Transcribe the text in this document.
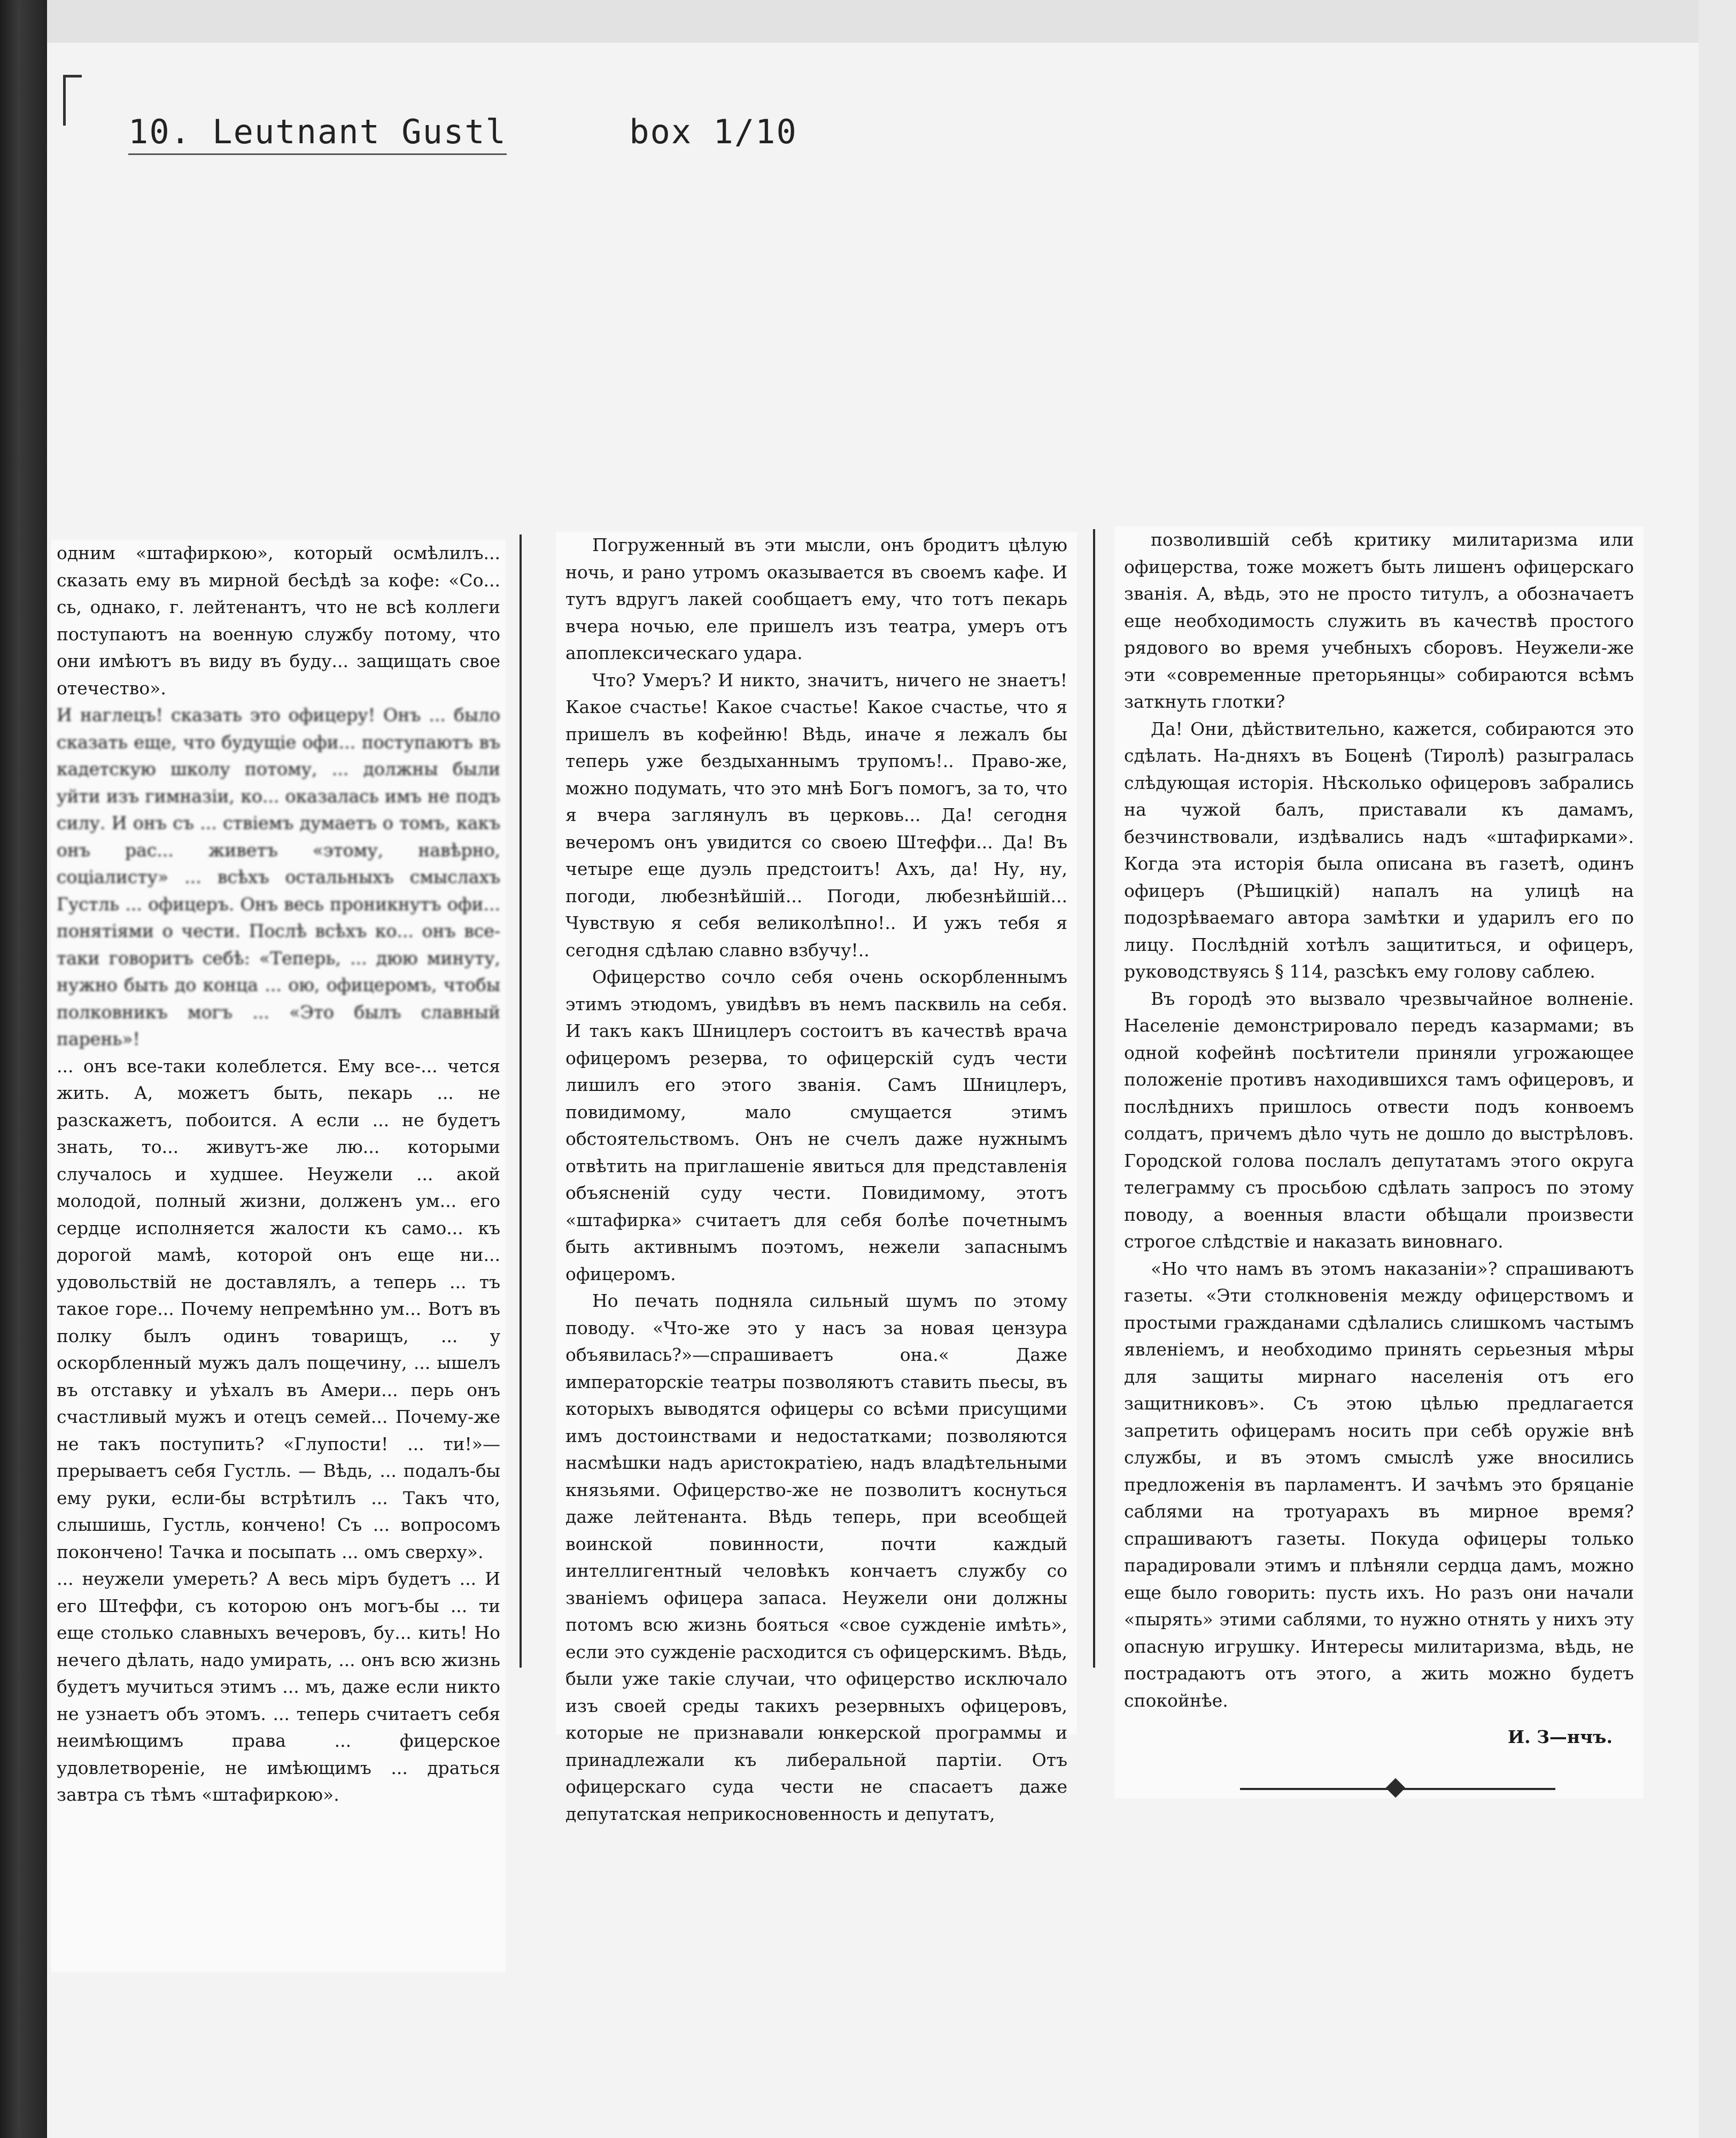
10. Leutnant Gustl	box 1/10

одним «штафиркою», который осмѣлилъ... сказать ему въ мирной бесѣдѣ за кофе: «Со... сь, однако, г. лейтенантъ, что не всѣ коллеги поступаютъ на военную службу потому, что они имѣютъ въ виду въ буду... защищать свое отечество».

И наглецъ! сказать это офицеру! Онъ ... было сказать еще, что будущіе офи... поступаютъ въ кадетскую школу потому, ... должны были уйти изъ гимназіи, ко... оказалась имъ не подъ силу. И онъ съ ... ствіемъ думаетъ о томъ, какъ онъ рас... живетъ «этому, навѣрно, соціалисту» ... всѣхъ остальныхъ смыслахъ Густль ... офицеръ. Онъ весь проникнутъ офи... понятіями о чести. Послѣ всѣхъ ко... онъ все-таки говоритъ себѣ: «Теперь, ... дюю минуту, нужно быть до конца ... ою, офицеромъ, чтобы полковникъ могъ ... «Это былъ славный парень»!

... онъ все-таки колеблется. Ему все-... чется жить. А, можетъ быть, пекарь ... не разскажетъ, побоится. А если ... не будетъ знать, то... живутъ-же лю... которыми случалось и худшее. Неужели ... акой молодой, полный жизни, долженъ ум... его сердце исполняется жалости къ само... къ дорогой мамѣ, которой онъ еще ни... удовольствій не доставлялъ, а теперь ... тъ такое горе... Почему непремѣнно ум... Вотъ въ полку былъ одинъ товарищъ, ... у оскорбленный мужъ далъ пощечину, ... ышелъ въ отставку и уѣхалъ въ Амери... перь онъ счастливый мужъ и отецъ семей... Почему-же не такъ поступить? «Глупости! ... ти!»—прерываетъ себя Густль. — Вѣдь, ... подалъ-бы ему руки, если-бы встрѣтилъ ... Такъ что, слышишь, Густль, кончено! Съ ... вопросомъ покончено! Тачка и посыпать ... омъ сверху».

... неужели умереть? А весь міръ будетъ ... И его Штеффи, съ которою онъ могъ-бы ... ти еще столько славныхъ вечеровъ, бу... кить! Но нечего дѣлать, надо умирать, ... онъ всю жизнь будетъ мучиться этимъ ... мъ, даже если никто не узнаетъ объ этомъ. ... теперь считаетъ себя неимѣющимъ права ... фицерское удовлетвореніе, не имѣющимъ ... драться завтра съ тѣмъ «штафиркою».

Погруженный въ эти мысли, онъ бродитъ цѣлую ночь, и рано утромъ оказывается въ своемъ кафе. И тутъ вдругъ лакей сообщаетъ ему, что тотъ пекарь вчера ночью, еле пришелъ изъ театра, умеръ отъ апоплексическаго удара.

Что? Умеръ? И никто, значитъ, ничего не знаетъ! Какое счастье! Какое счастье! Какое счастье, что я пришелъ въ кофейню! Вѣдь, иначе я лежалъ бы теперь уже бездыханнымъ трупомъ!.. Право-же, можно подумать, что это мнѣ Богъ помогъ, за то, что я вчера заглянулъ въ церковь... Да! сегодня вечеромъ онъ увидится со своею Штеффи... Да! Въ четыре еще дуэль предстоитъ! Ахъ, да! Ну, ну, погоди, любезнѣйшій... Погоди, любезнѣйшій... Чувствую я себя великолѣпно!.. И ужъ тебя я сегодня сдѣлаю славно взбучу!..

Офицерство сочло себя очень оскорбленнымъ этимъ этюдомъ, увидѣвъ въ немъ пасквиль на себя. И такъ какъ Шницлеръ состоитъ въ качествѣ врача офицеромъ резерва, то офицерскій судъ чести лишилъ его этого званія. Самъ Шницлеръ, повидимому, мало смущается этимъ обстоятельствомъ. Онъ не счелъ даже нужнымъ отвѣтить на приглашеніе явиться для представленія объясненій суду чести. Повидимому, этотъ «штафирка» считаетъ для себя болѣе почетнымъ быть активнымъ поэтомъ, нежели запаснымъ офицеромъ.

Но печать подняла сильный шумъ по этому поводу. «Что-же это у насъ за новая цензура объявилась?»—спрашиваетъ она.« Даже императорскіе театры позволяютъ ставить пьесы, въ которыхъ выводятся офицеры со всѣми присущими имъ достоинствами и недостатками; позволяются насмѣшки надъ аристократіею, надъ владѣтельными князьями. Офицерство-же не позволитъ коснуться даже лейтенанта. Вѣдь теперь, при всеобщей воинской повинности, почти каждый интеллигентный человѣкъ кончаетъ службу со званіемъ офицера запаса. Неужели они должны потомъ всю жизнь бояться «свое сужденіе имѣть», если это сужденіе расходится съ офицерскимъ. Вѣдь, были уже такіе случаи, что офицерство исключало изъ своей среды такихъ резервныхъ офицеровъ, которые не признавали юнкерской программы и принадлежали къ либеральной партіи. Отъ офицерскаго суда чести не спасаетъ даже депутатская неприкосновенность и депутатъ,

позволившій себѣ критику милитаризма или офицерства, тоже можетъ быть лишенъ офицерскаго званія. А, вѣдь, это не просто титулъ, а обозначаетъ еще необходимость служить въ качествѣ простого рядового во время учебныхъ сборовъ. Неужели-же эти «современные преторьянцы» собираются всѣмъ заткнуть глотки?

Да! Они, дѣйствительно, кажется, собираются это сдѣлать. На-дняхъ въ Боценѣ (Тиролѣ) разыгралась слѣдующая исторія. Нѣсколько офицеровъ забрались на чужой балъ, приставали къ дамамъ, безчинствовали, издѣвались надъ «штафирками». Когда эта исторія была описана въ газетѣ, одинъ офицеръ (Рѣшицкій) напалъ на улицѣ на подозрѣваемаго автора замѣтки и ударилъ его по лицу. Послѣдній хотѣлъ защититься, и офицеръ, руководствуясь § 114, разсѣкъ ему голову саблею.

Въ городѣ это вызвало чрезвычайное волненіе. Населеніе демонстрировало передъ казармами; въ одной кофейнѣ посѣтители приняли угрожающее положеніе противъ находившихся тамъ офицеровъ, и послѣднихъ пришлось отвести подъ конвоемъ солдатъ, причемъ дѣло чуть не дошло до выстрѣловъ. Городской голова послалъ депутатамъ этого округа телеграмму съ просьбою сдѣлать запросъ по этому поводу, а военныя власти обѣщали произвести строгое слѣдствіе и наказать виновнаго.

«Но что намъ въ этомъ наказаніи»? спрашиваютъ газеты. «Эти столкновенія между офицерствомъ и простыми гражданами сдѣлались слишкомъ частымъ явленіемъ, и необходимо принять серьезныя мѣры для защиты мирнаго населенія отъ его защитниковъ». Съ этою цѣлью предлагается запретить офицерамъ носить при себѣ оружіе внѣ службы, и въ этомъ смыслѣ уже вносились предложенія въ парламентъ. И зачѣмъ это бряцаніе саблями на тротуарахъ въ мирное время? спрашиваютъ газеты. Покуда офицеры только парадировали этимъ и плѣняли сердца дамъ, можно еще было говорить: пусть ихъ. Но разъ они начали «пырять» этими саблями, то нужно отнять у нихъ эту опасную игрушку. Интересы милитаризма, вѣдь, не пострадаютъ отъ этого, а жить можно будетъ спокойнѣе.

И. З—нчъ.
